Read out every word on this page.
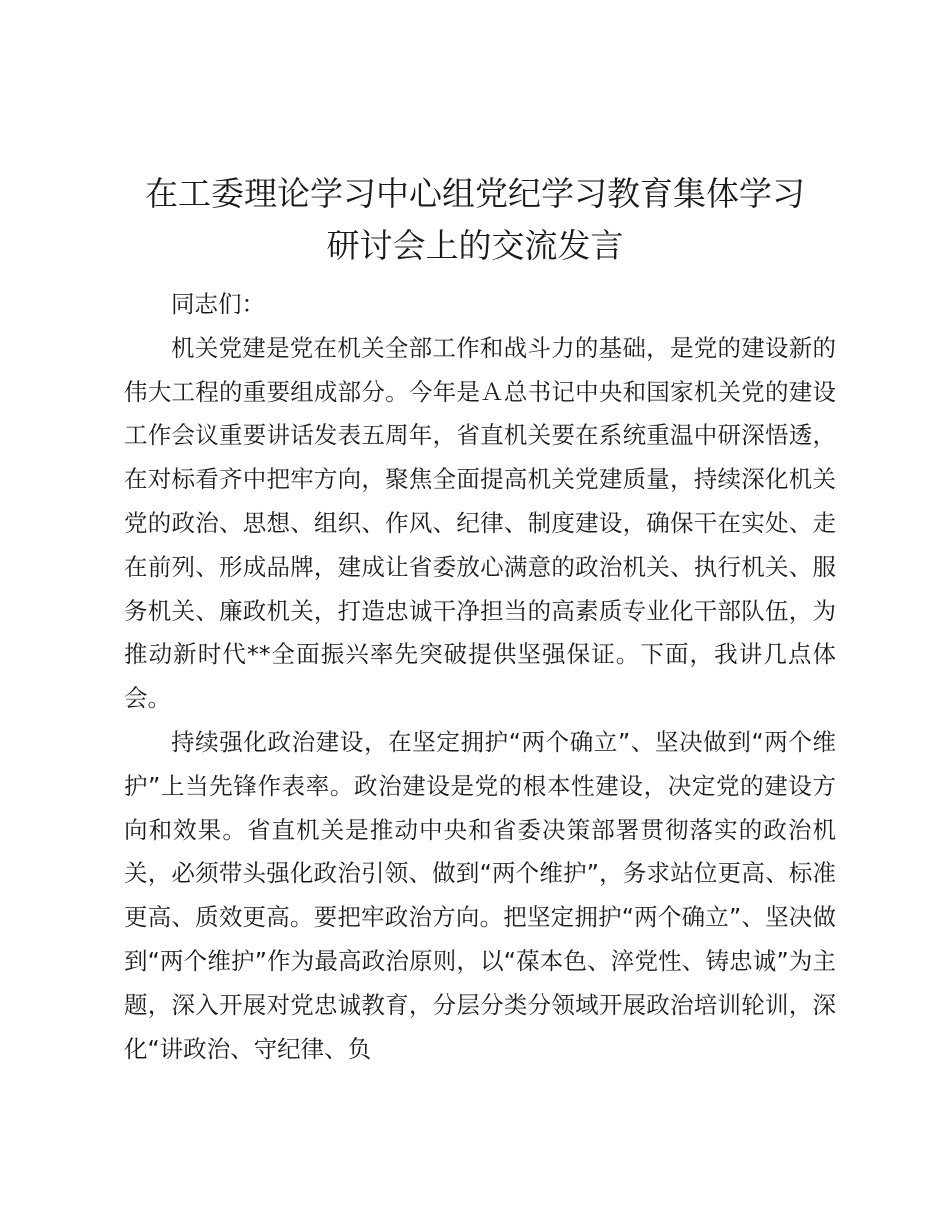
在工委理论学习中心组党纪学习教育集体学习
研讨会上的交流发言

同志们：

机关党建是党在机关全部工作和战斗力的基础，是党的建设新的伟大工程的重要组成部分。今年是Ａ总书记中央和国家机关党的建设工作会议重要讲话发表五周年，省直机关要在系统重温中研深悟透，在对标看齐中把牢方向，聚焦全面提高机关党建质量，持续深化机关党的政治、思想、组织、作风、纪律、制度建设，确保干在实处、走在前列、形成品牌，建成让省委放心满意的政治机关、执行机关、服务机关、廉政机关，打造忠诚干净担当的高素质专业化干部队伍，为推动新时代**全面振兴率先突破提供坚强保证。下面，我讲几点体会。

持续强化政治建设，在坚定拥护“两个确立”、坚决做到“两个维护”上当先锋作表率。政治建设是党的根本性建设，决定党的建设方向和效果。省直机关是推动中央和省委决策部署贯彻落实的政治机关，必须带头强化政治引领、做到“两个维护”，务求站位更高、标准更高、质效更高。要把牢政治方向。把坚定拥护“两个确立”、坚决做到“两个维护”作为最高政治原则，以“葆本色、淬党性、铸忠诚”为主题，深入开展对党忠诚教育，分层分类分领域开展政治培训轮训，深化“讲政治、守纪律、负
